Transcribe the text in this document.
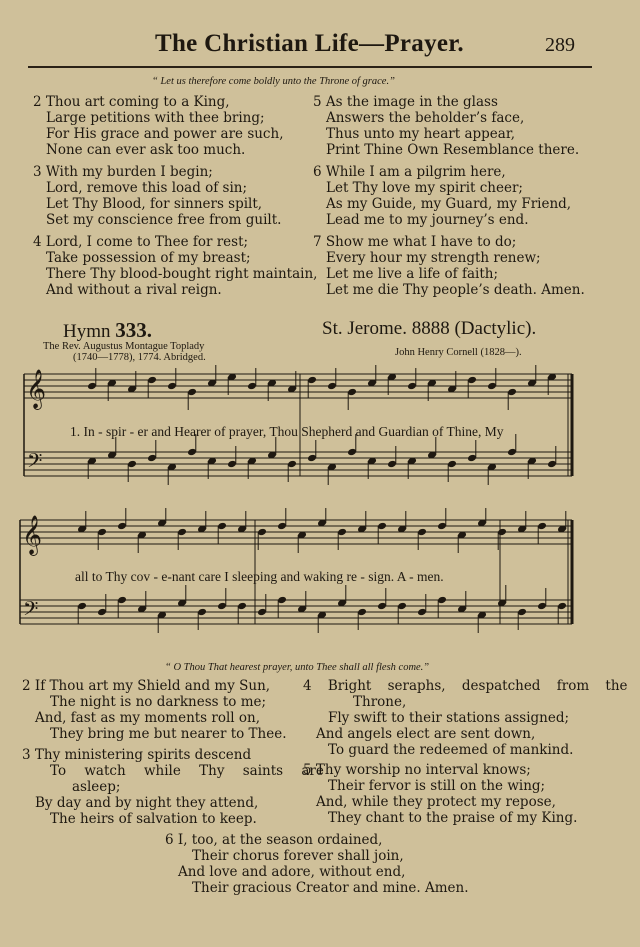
The Christian Life—Prayer.	289
“ Let us therefore come boldly unto the Throne of grace.”
2 Thou art coming to a King,
Large petitions with thee bring;
For His grace and power are such,
None can ever ask too much.
3 With my burden I begin;
Lord, remove this load of sin;
Let Thy Blood, for sinners spilt,
Set my conscience free from guilt.
4 Lord, I come to Thee for rest;
Take possession of my breast;
There Thy blood-bought right maintain,
And without a rival reign.
5 As the image in the glass
Answers the beholder’s face,
Thus unto my heart appear,
Print Thine Own Resemblance there.
6 While I am a pilgrim here,
Let Thy love my spirit cheer;
As my Guide, my Guard, my Friend,
Lead me to my journey’s end.
7 Show me what I have to do;
Every hour my strength renew;
Let me live a life of faith;
Let me die Thy people’s death. Amen.
Hymn 333.	St. Jerome. 8888 (Dactylic).
The Rev. Augustus Montague Toplady
(1740—1778), 1774. Abridged.	John Henry Cornell (1828—).
𝄞
𝄢
1. In - spir - er and Hearer of prayer, Thou Shepherd and Guardian of Thine, My
𝄞
𝄢
all to Thy cov - e-nant care I sleeping and waking re - sign. A - men.
“ O Thou That hearest prayer, unto Thee shall all flesh come.”
2 If Thou art my Shield and my Sun,
The night is no darkness to me;
And, fast as my moments roll on,
They bring me but nearer to Thee.
3 Thy ministering spirits descend
To watch while Thy saints are
asleep;
By day and by night they attend,
The heirs of salvation to keep.
4 Bright seraphs, despatched from the
Throne,
Fly swift to their stations assigned;
And angels elect are sent down,
To guard the redeemed of mankind.
5 Thy worship no interval knows;
Their fervor is still on the wing;
And, while they protect my repose,
They chant to the praise of my King.
6 I, too, at the season ordained,
Their chorus forever shall join,
And love and adore, without end,
Their gracious Creator and mine. Amen.
